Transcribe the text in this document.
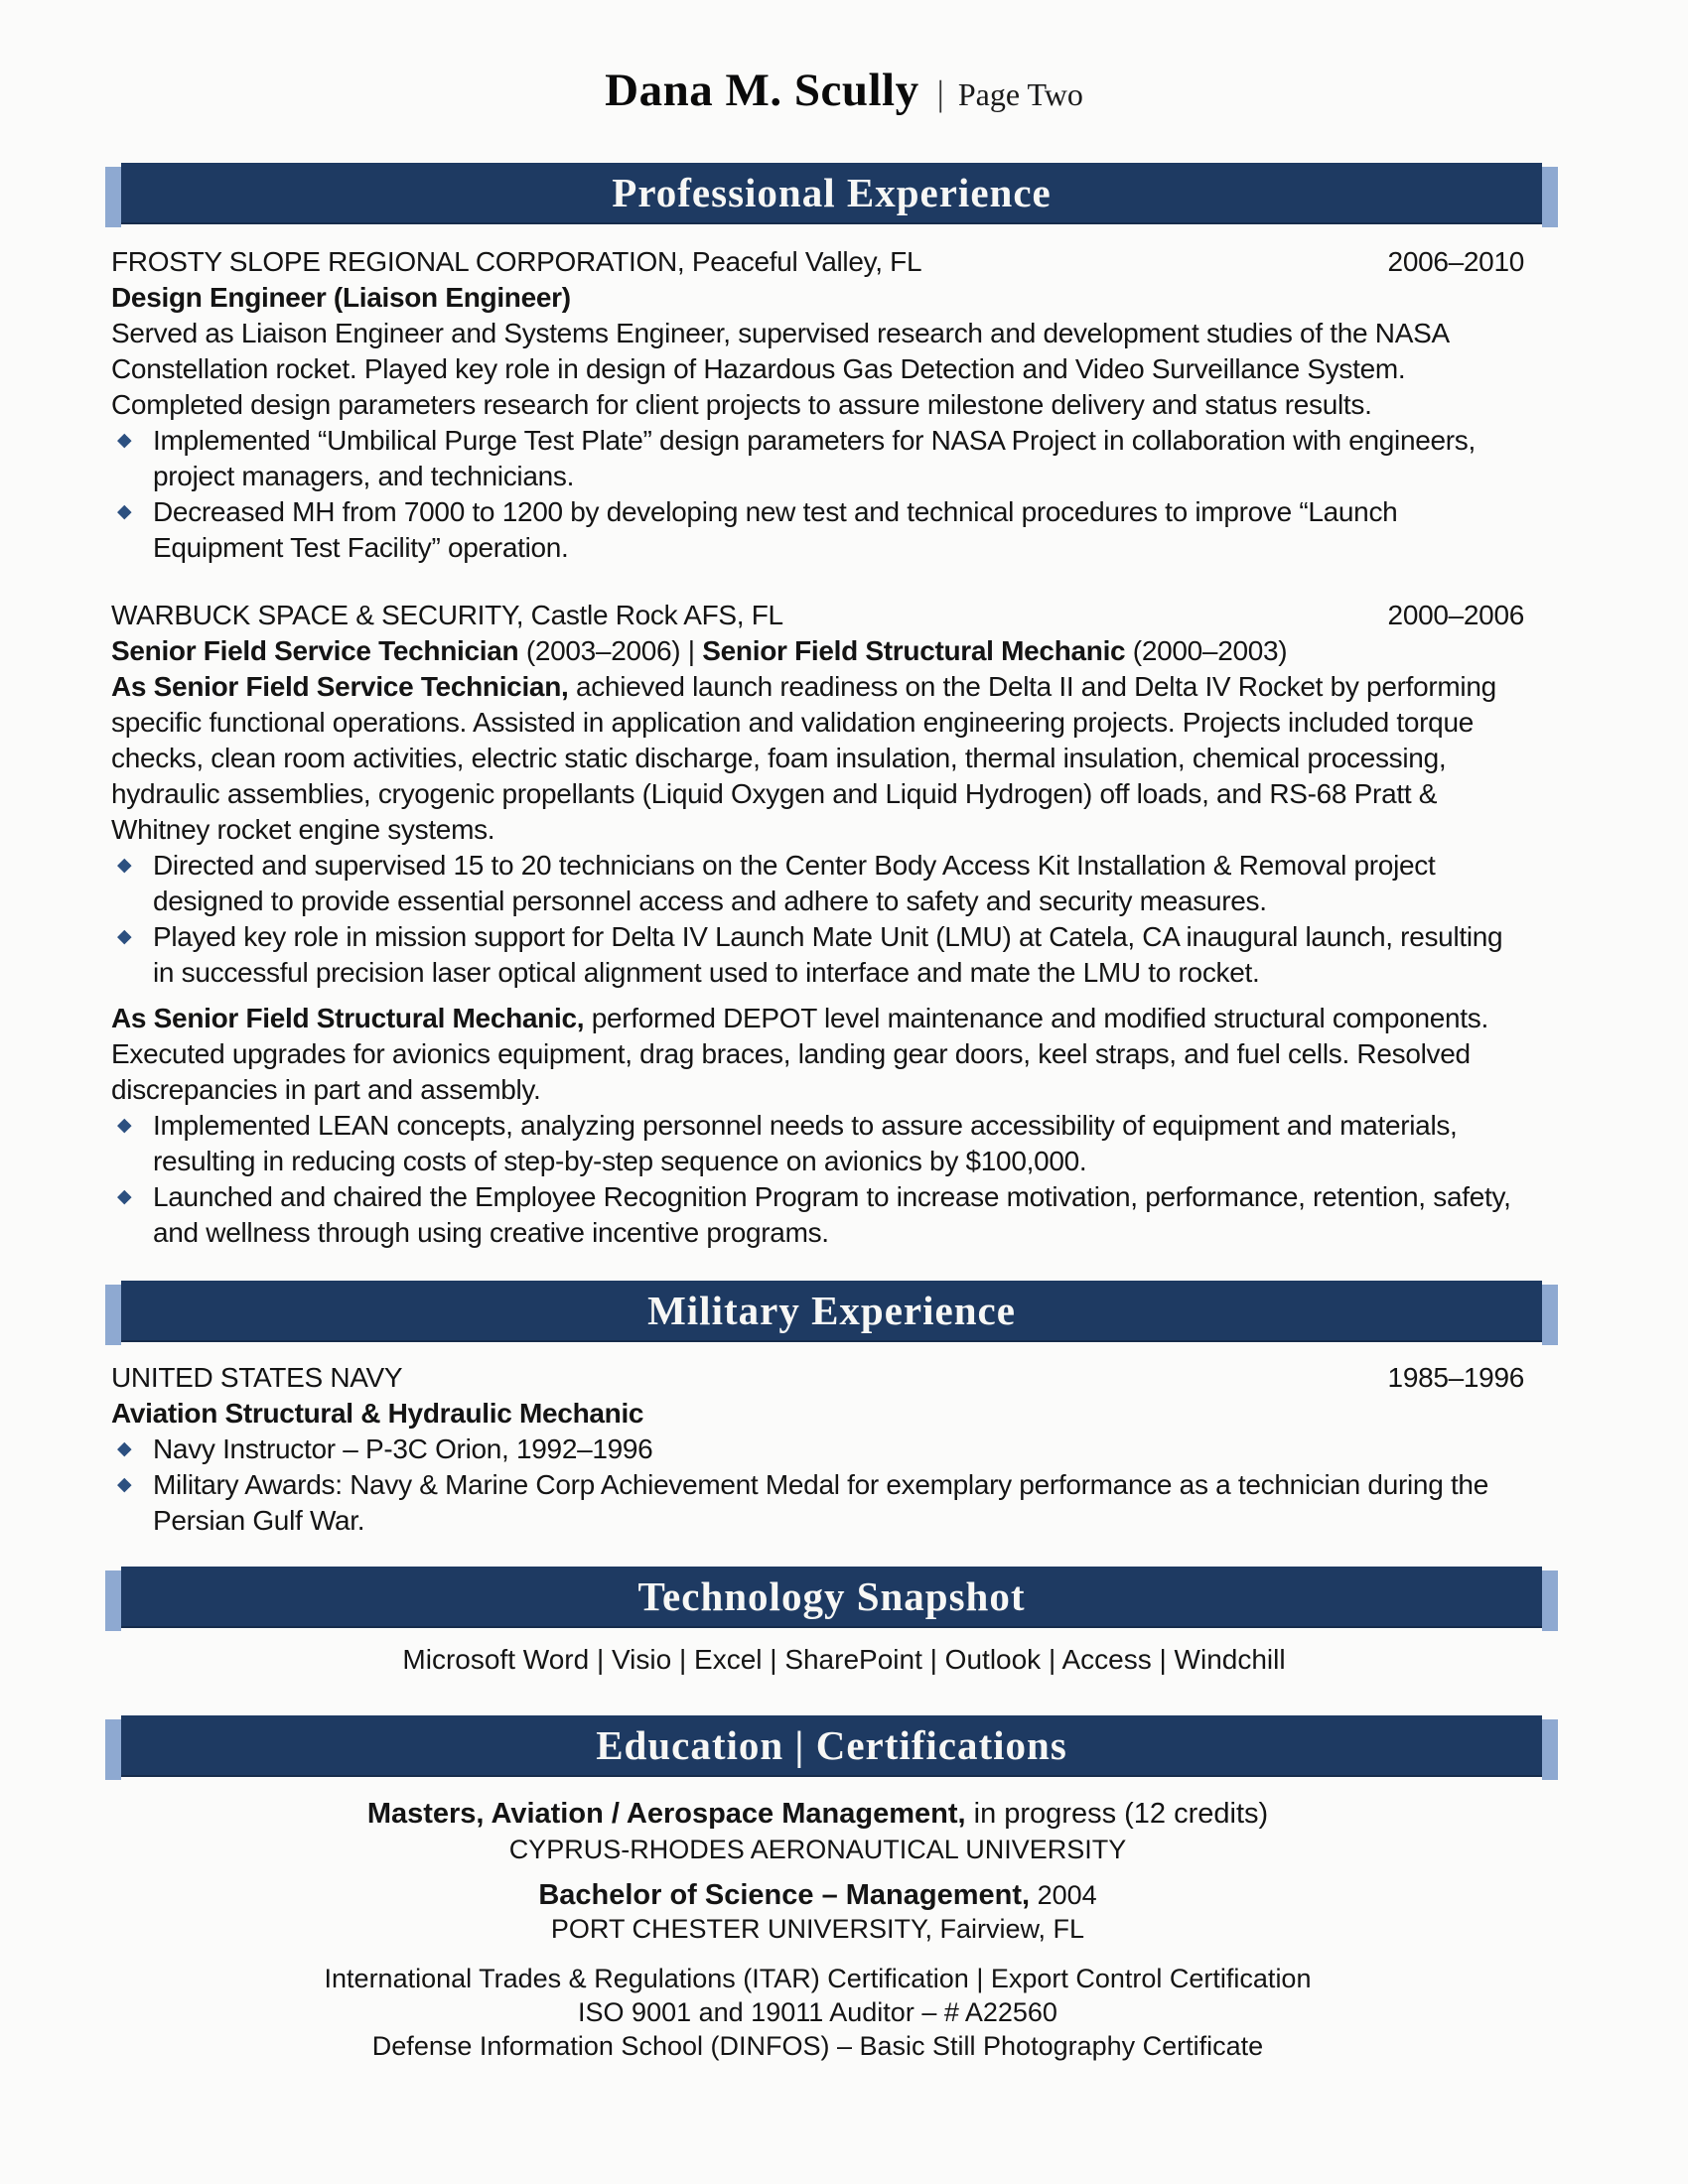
Dana M. Scully | Page Two
Professional Experience
FROSTY SLOPE REGIONAL CORPORATION, Peaceful Valley, FL	2006–2010
Design Engineer (Liaison Engineer)

Served as Liaison Engineer and Systems Engineer, supervised research and development studies of the NASA Constellation rocket. Played key role in design of Hazardous Gas Detection and Video Surveillance System. Completed design parameters research for client projects to assure milestone delivery and status results.

◆ Implemented “Umbilical Purge Test Plate” design parameters for NASA Project in collaboration with engineers, project managers, and technicians.
◆ Decreased MH from 7000 to 1200 by developing new test and technical procedures to improve “Launch Equipment Test Facility” operation.
WARBUCK SPACE & SECURITY, Castle Rock AFS, FL	2000–2006
Senior Field Service Technician (2003–2006) | Senior Field Structural Mechanic (2000–2003)

As Senior Field Service Technician, achieved launch readiness on the Delta II and Delta IV Rocket by performing specific functional operations. Assisted in application and validation engineering projects. Projects included torque checks, clean room activities, electric static discharge, foam insulation, thermal insulation, chemical processing, hydraulic assemblies, cryogenic propellants (Liquid Oxygen and Liquid Hydrogen) off loads, and RS-68 Pratt & Whitney rocket engine systems.

◆ Directed and supervised 15 to 20 technicians on the Center Body Access Kit Installation & Removal project designed to provide essential personnel access and adhere to safety and security measures.
◆ Played key role in mission support for Delta IV Launch Mate Unit (LMU) at Catela, CA inaugural launch, resulting in successful precision laser optical alignment used to interface and mate the LMU to rocket.

As Senior Field Structural Mechanic, performed DEPOT level maintenance and modified structural components. Executed upgrades for avionics equipment, drag braces, landing gear doors, keel straps, and fuel cells. Resolved discrepancies in part and assembly.

◆ Implemented LEAN concepts, analyzing personnel needs to assure accessibility of equipment and materials, resulting in reducing costs of step-by-step sequence on avionics by $100,000.
◆ Launched and chaired the Employee Recognition Program to increase motivation, performance, retention, safety, and wellness through using creative incentive programs.
Military Experience
UNITED STATES NAVY	1985–1996
Aviation Structural & Hydraulic Mechanic
◆ Navy Instructor – P-3C Orion, 1992–1996
◆ Military Awards: Navy & Marine Corp Achievement Medal for exemplary performance as a technician during the Persian Gulf War.
Technology Snapshot
Microsoft Word | Visio | Excel | SharePoint | Outlook | Access | Windchill
Education | Certifications
Masters, Aviation / Aerospace Management, in progress (12 credits)
CYPRUS-RHODES AERONAUTICAL UNIVERSITY
Bachelor of Science – Management, 2004
PORT CHESTER UNIVERSITY, Fairview, FL
International Trades & Regulations (ITAR) Certification | Export Control Certification
ISO 9001 and 19011 Auditor – # A22560
Defense Information School (DINFOS) – Basic Still Photography Certificate
